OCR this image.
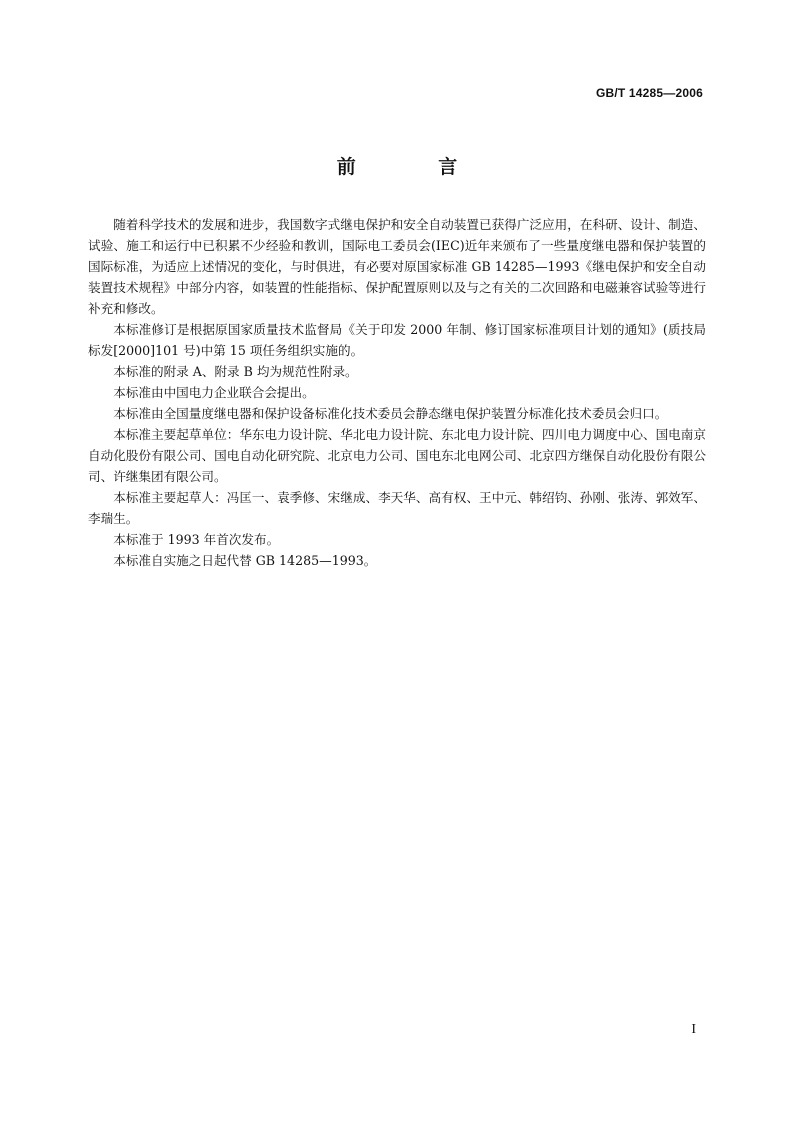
GB/T 14285—2006
前 言

随着科学技术的发展和进步，我国数字式继电保护和安全自动装置已获得广泛应用，在科研、设计、制造、试验、施工和运行中已积累不少经验和教训，国际电工委员会(IEC)近年来颁布了一些量度继电器和保护装置的国际标准，为适应上述情况的变化，与时俱进，有必要对原国家标准 GB 14285—1993《继电保护和安全自动装置技术规程》中部分内容，如装置的性能指标、保护配置原则以及与之有关的二次回路和电磁兼容试验等进行补充和修改。

本标准修订是根据原国家质量技术监督局《关于印发 2000 年制、修订国家标准项目计划的通知》(质技局标发[2000]101 号)中第 15 项任务组织实施的。

本标准的附录 A、附录 B 均为规范性附录。

本标准由中国电力企业联合会提出。

本标准由全国量度继电器和保护设备标准化技术委员会静态继电保护装置分标准化技术委员会归口。

本标准主要起草单位：华东电力设计院、华北电力设计院、东北电力设计院、四川电力调度中心、国电南京自动化股份有限公司、国电自动化研究院、北京电力公司、国电东北电网公司、北京四方继保自动化股份有限公司、许继集团有限公司。

本标准主要起草人：冯匡一、袁季修、宋继成、李天华、高有权、王中元、韩绍钧、孙刚、张涛、郭效军、李瑞生。

本标准于 1993 年首次发布。

本标准自实施之日起代替 GB 14285—1993。

I
